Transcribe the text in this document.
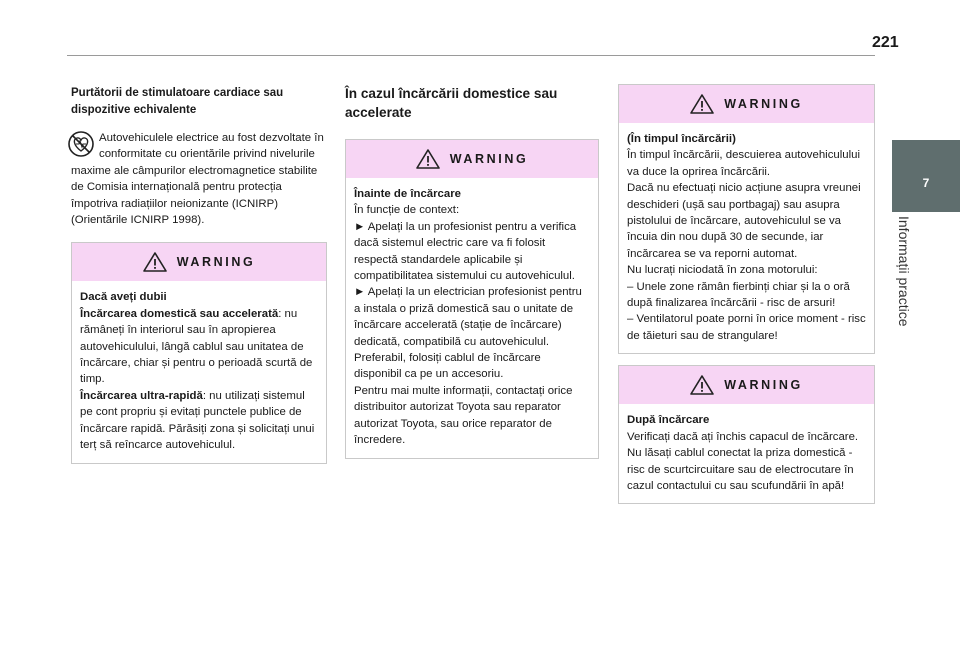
221
7
Informații practice

Purtătorii de stimulatoare cardiace sau dispozitive echivalente

Autovehiculele electrice au fost dezvoltate în conformitate cu orientările privind nivelurile maxime ale câmpurilor electromagnetice stabilite de Comisia internațională pentru protecția împotriva radiațiilor neionizante (ICNIRP) (Orientările ICNIRP 1998).

WARNING

Dacă aveți dubii

Încărcarea domestică sau accelerată: nu rămâneți în interiorul sau în apropierea autovehiculului, lângă cablul sau unitatea de încărcare, chiar și pentru o perioadă scurtă de timp.

Încărcarea ultra-rapidă: nu utilizați sistemul pe cont propriu și evitați punctele publice de încărcare rapidă. Părăsiți zona și solicitați unui terț să reîncarce autovehiculul.

În cazul încărcării domestice sau accelerate

WARNING

Înainte de încărcare

În funcție de context:

► Apelați la un profesionist pentru a verifica dacă sistemul electric care va fi folosit respectă standardele aplicabile și compatibilitatea sistemului cu autovehiculul.

► Apelați la un electrician profesionist pentru a instala o priză domestică sau o unitate de încărcare accelerată (stație de încărcare) dedicată, compatibilă cu autovehiculul.

Preferabil, folosiți cablul de încărcare disponibil ca pe un accesoriu.

Pentru mai multe informații, contactați orice distribuitor autorizat Toyota sau reparator autorizat Toyota, sau orice reparator de încredere.

WARNING

(În timpul încărcării)

În timpul încărcării, descuierea autovehiculului va duce la oprirea încărcării.

Dacă nu efectuați nicio acțiune asupra vreunei deschideri (ușă sau portbagaj) sau asupra pistolului de încărcare, autovehiculul se va încuia din nou după 30 de secunde, iar încărcarea se va reporni automat.

Nu lucrați niciodată în zona motorului:

– Unele zone rămân fierbinți chiar și la o oră după finalizarea încărcării - risc de arsuri!

– Ventilatorul poate porni în orice moment - risc de tăieturi sau de strangulare!

WARNING

După încărcare

Verificați dacă ați închis capacul de încărcare.

Nu lăsați cablul conectat la priza domestică - risc de scurtcircuitare sau de electrocutare în cazul contactului cu sau scufundării în apă!
